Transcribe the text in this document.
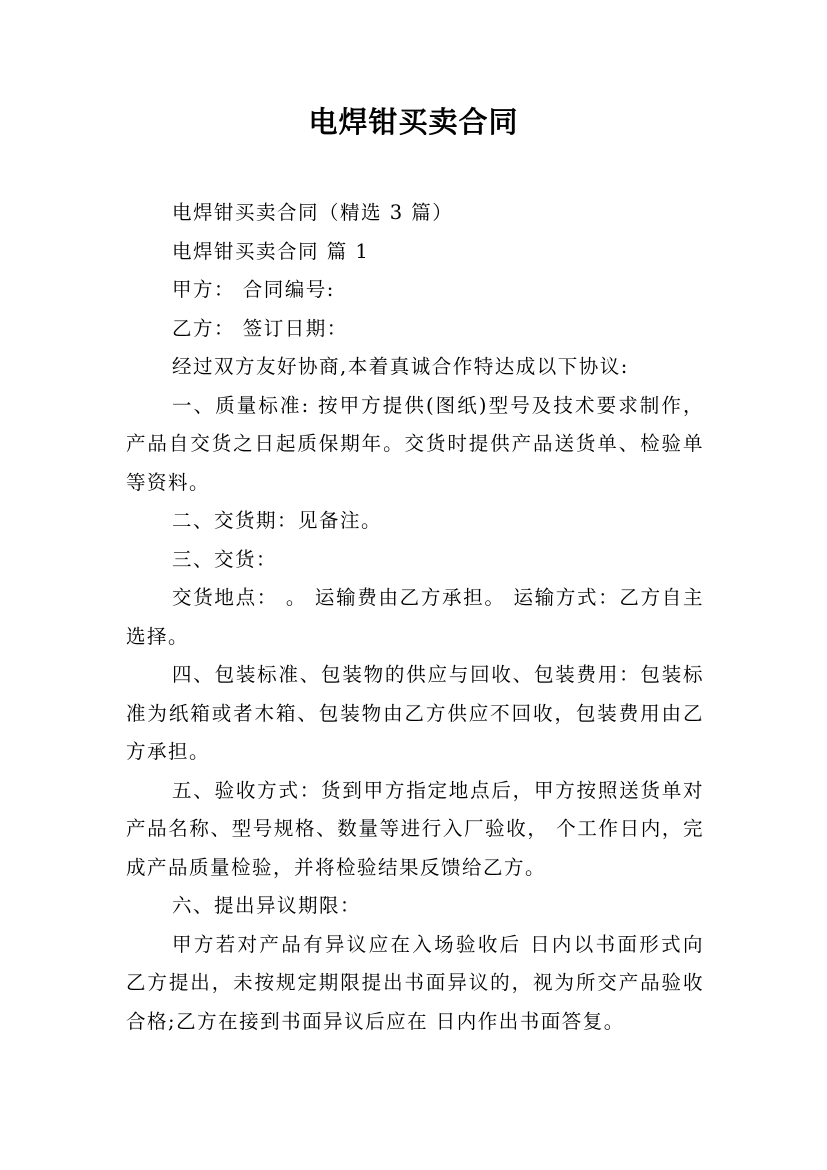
电焊钳买卖合同

电焊钳买卖合同（精选 3 篇）

电焊钳买卖合同 篇 1

甲方： 合同编号:

乙方： 签订日期：

经过双方友好协商,本着真诚合作特达成以下协议:

一、质量标准: 按甲方提供(图纸)型号及技术要求制作，产品自交货之日起质保期年。交货时提供产品送货单、检验单等资料。

二、交货期：见备注。

三、交货：

交货地点： 。 运输费由乙方承担。 运输方式：乙方自主选择。

四、包装标准、包装物的供应与回收、包装费用：包装标准为纸箱或者木箱、包装物由乙方供应不回收，包装费用由乙方承担。

五、验收方式：货到甲方指定地点后，甲方按照送货单对产品名称、型号规格、数量等进行入厂验收， 个工作日内，完成产品质量检验，并将检验结果反馈给乙方。

六、提出异议期限：

甲方若对产品有异议应在入场验收后 日内以书面形式向乙方提出，未按规定期限提出书面异议的，视为所交产品验收合格;乙方在接到书面异议后应在 日内作出书面答复。
